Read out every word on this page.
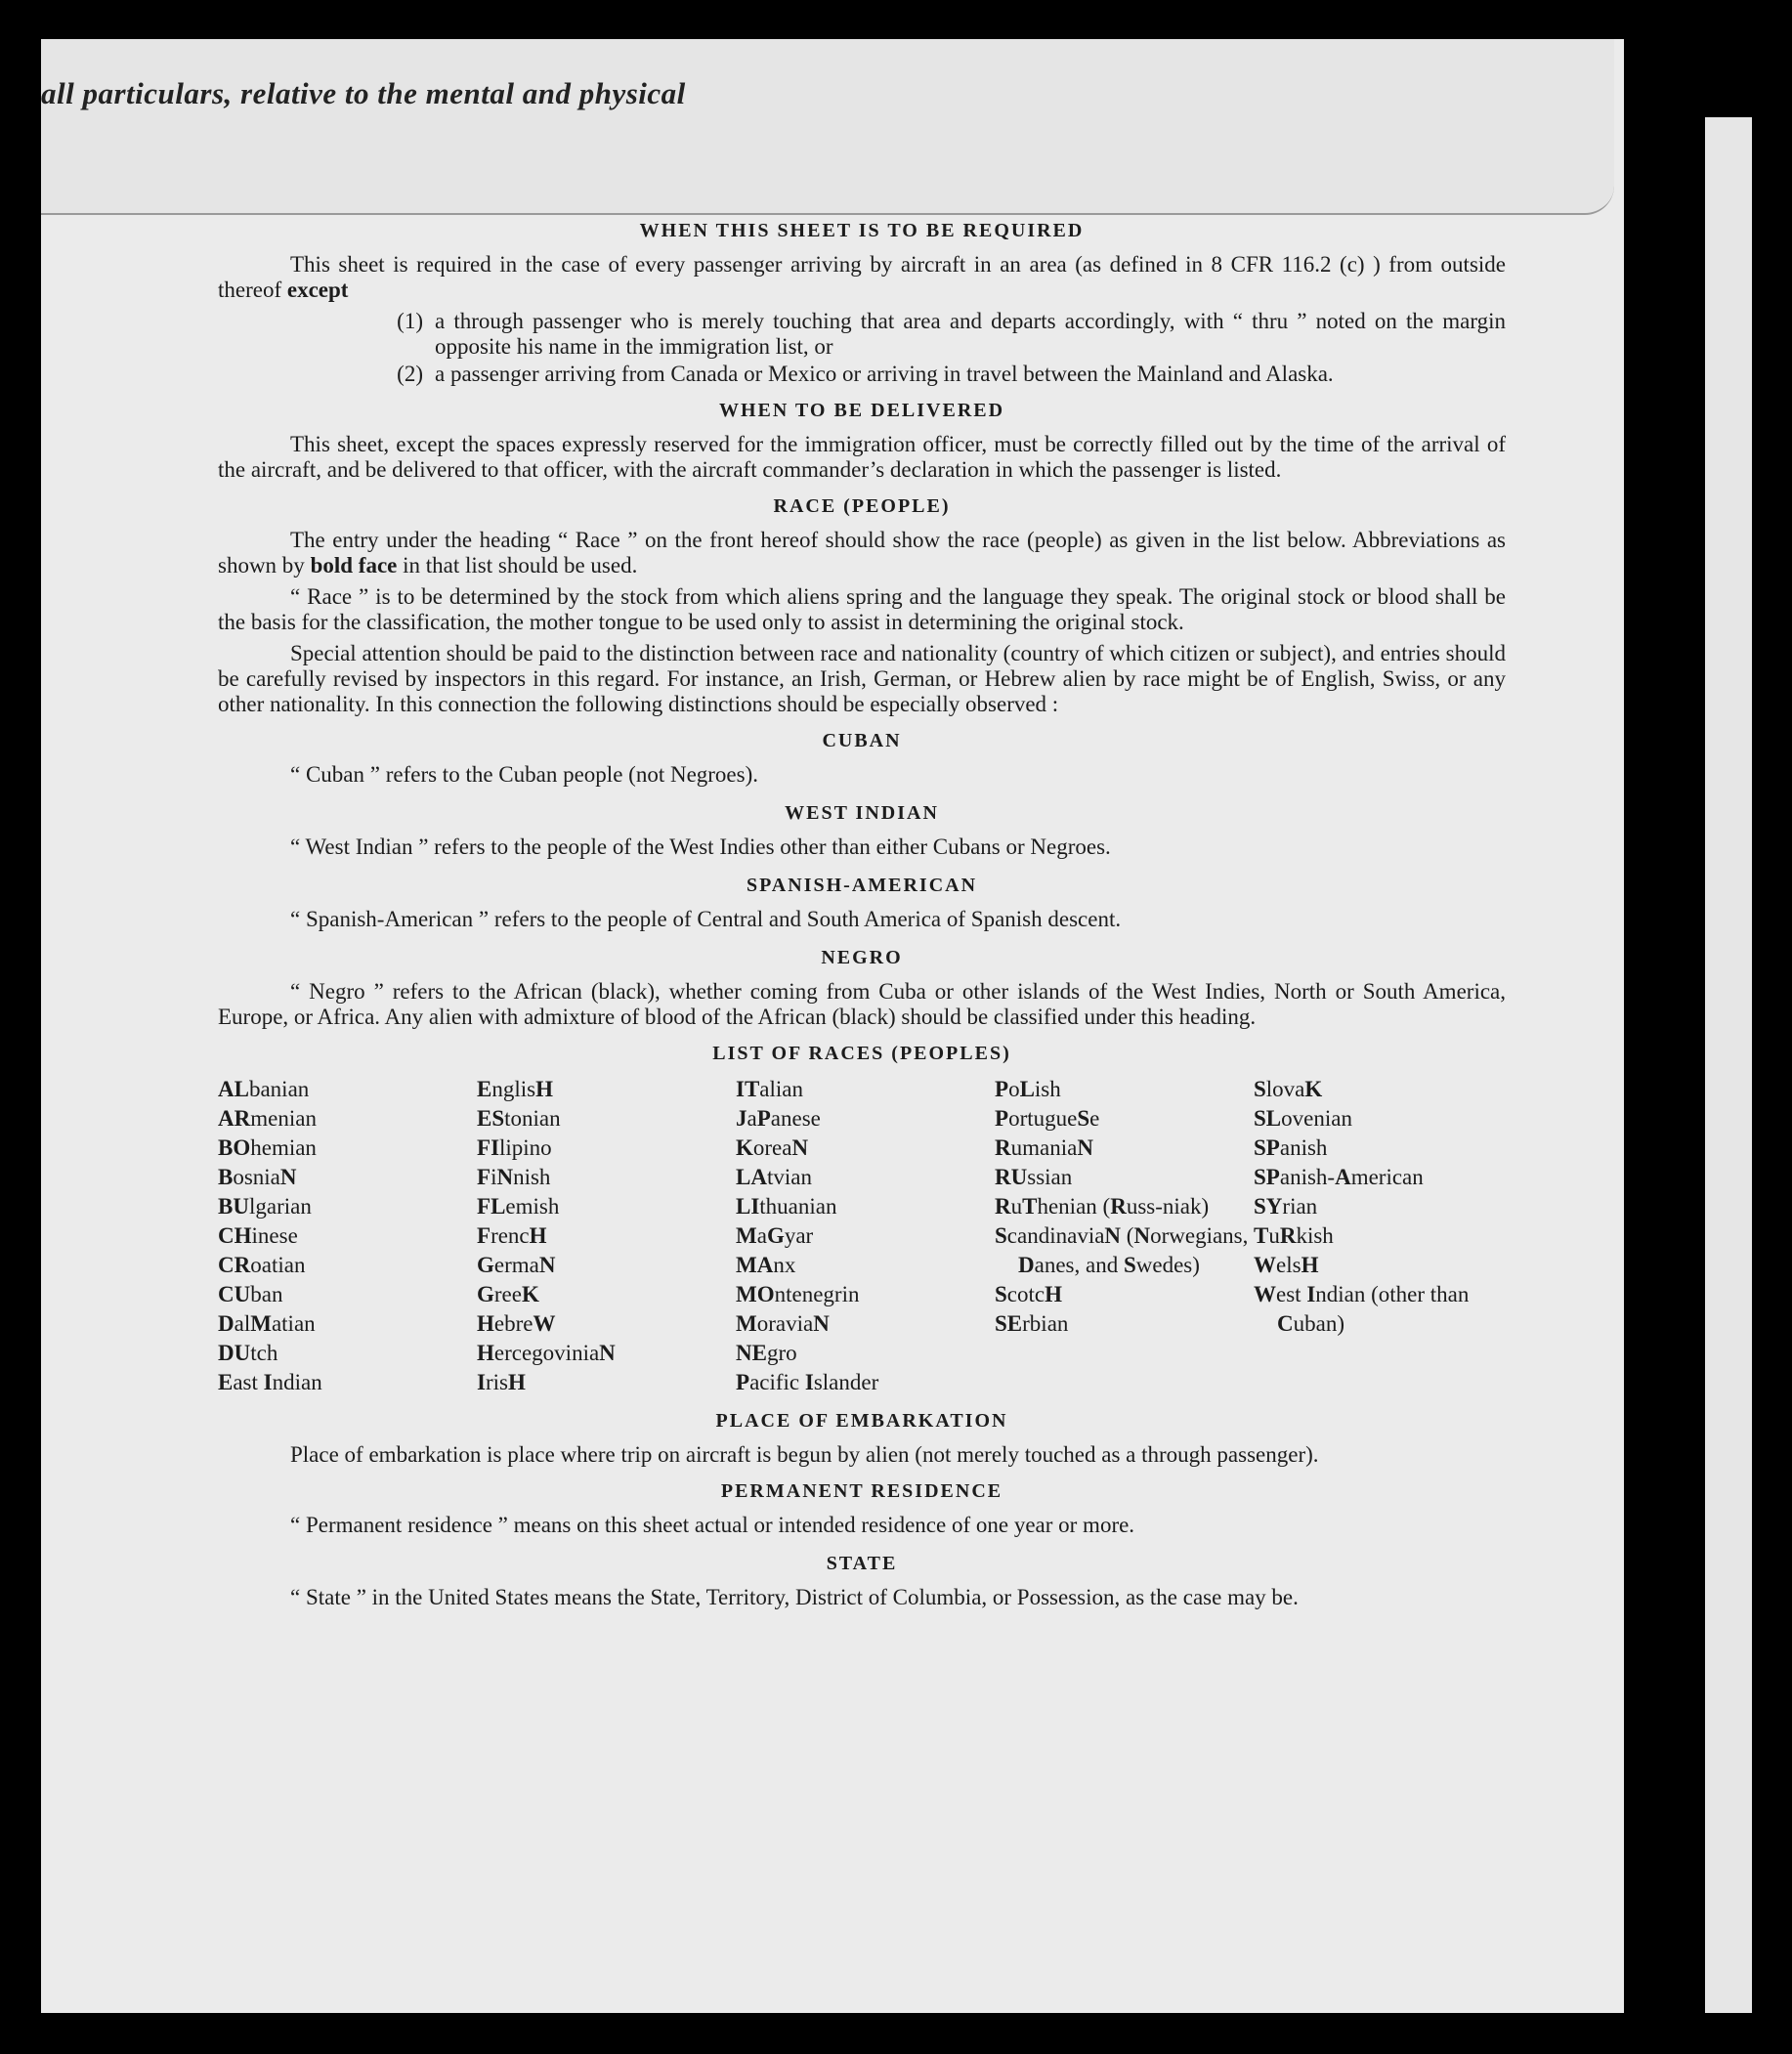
all particulars, relative to the mental and physical
WHEN THIS SHEET IS TO BE REQUIRED

This sheet is required in the case of every passenger arriving by aircraft in an area (as defined in 8 CFR 116.2 (c) ) from outside thereof except

(1) a through passenger who is merely touching that area and departs accordingly, with “ thru ” noted on the margin opposite his name in the immigration list, or
(2) a passenger arriving from Canada or Mexico or arriving in travel between the Mainland and Alaska.
WHEN TO BE DELIVERED

This sheet, except the spaces expressly reserved for the immigration officer, must be correctly filled out by the time of the arrival of the aircraft, and be delivered to that officer, with the aircraft commander’s declaration in which the passenger is listed.

RACE (PEOPLE)

The entry under the heading “ Race ” on the front hereof should show the race (people) as given in the list below. Abbreviations as shown by bold face in that list should be used.

“ Race ” is to be determined by the stock from which aliens spring and the language they speak. The original stock or blood shall be the basis for the classification, the mother tongue to be used only to assist in determining the original stock.

Special attention should be paid to the distinction between race and nationality (country of which citizen or subject), and entries should be carefully revised by inspectors in this regard. For instance, an Irish, German, or Hebrew alien by race might be of English, Swiss, or any other nationality. In this connection the following distinctions should be especially observed :

CUBAN

“ Cuban ” refers to the Cuban people (not Negroes).

WEST INDIAN

“ West Indian ” refers to the people of the West Indies other than either Cubans or Negroes.

SPANISH-AMERICAN

“ Spanish-American ” refers to the people of Central and South America of Spanish descent.

NEGRO

“ Negro ” refers to the African (black), whether coming from Cuba or other islands of the West Indies, North or South America, Europe, or Africa. Any alien with admixture of blood of the African (black) should be classified under this heading.

LIST OF RACES (PEOPLES)
ALbanian
ARmenian
BOhemian
BosniaN
BUlgarian
CHinese
CRoatian
CUban
DalMatian
DUtch
East Indian
EnglisH
EStonian
FIlipino
FiNnish
FLemish
FrencH
GermaN
GreeK
HebreW
HercegoviniaN
IrisH
ITalian
JaPanese
KoreaN
LAtvian
LIthuanian
MaGyar
MAnx
MOntenegrin
MoraviaN
NEgro
Pacific Islander
PoLish
PortugueSe
RumaniaN
RUssian
RuThenian (Russ-niak)
ScandinaviaN (Norwegians, Danes, and Swedes)
ScotcH
SErbian
SlovaK
SLovenian
SPanish
SPanish-American
SYrian
TuRkish
WelsH
West Indian (other than Cuban)
PLACE OF EMBARKATION

Place of embarkation is place where trip on aircraft is begun by alien (not merely touched as a through passenger).

PERMANENT RESIDENCE

“ Permanent residence ” means on this sheet actual or intended residence of one year or more.

STATE

“ State ” in the United States means the State, Territory, District of Columbia, or Possession, as the case may be.
